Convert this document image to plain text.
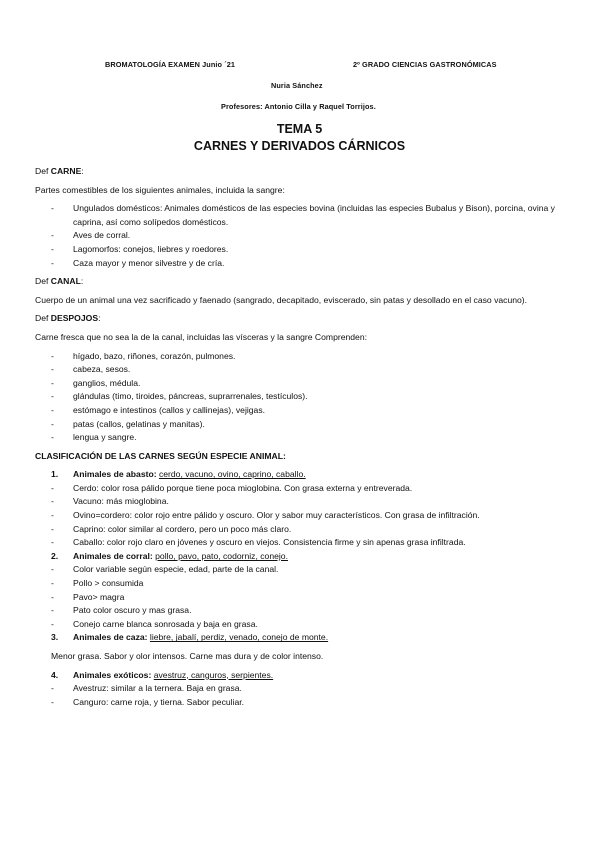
BROMATOLOGÍA EXAMEN Junio ´21	2º GRADO CIENCIAS GASTRONÓMICAS
Nuria Sánchez
Profesores: Antonio Cilla y Raquel Torrijos.
TEMA 5
CARNES Y DERIVADOS CÁRNICOS

Def CARNE:

Partes comestibles de los siguientes animales, incluida la sangre:

- Ungulados domésticos: Animales domésticos de las especies bovina (incluidas las especies Bubalus y Bison), porcina, ovina y caprina, así como solípedos domésticos.
- Aves de corral.
- Lagomorfos: conejos, liebres y roedores.
- Caza mayor y menor silvestre y de cría.

Def CANAL:

Cuerpo de un animal una vez sacrificado y faenado (sangrado, decapitado, eviscerado, sin patas y desollado en el caso vacuno).

Def DESPOJOS:

Carne fresca que no sea la de la canal, incluidas las vísceras y la sangre Comprenden:

- hígado, bazo, riñones, corazón, pulmones.
- cabeza, sesos.
- ganglios, médula.
- glándulas (timo, tiroides, páncreas, suprarrenales, testículos).
- estómago e intestinos (callos y callinejas), vejigas.
- patas (callos, gelatinas y manitas).
- lengua y sangre.

CLASIFICACIÓN DE LAS CARNES SEGÚN ESPECIE ANIMAL:

1. Animales de abasto: cerdo, vacuno, ovino, caprino, caballo.
- Cerdo: color rosa pálido porque tiene poca mioglobina. Con grasa externa y entreverada.
- Vacuno: más mioglobina.
- Ovino=cordero: color rojo entre pálido y oscuro. Olor y sabor muy característicos. Con grasa de infiltración.
- Caprino: color similar al cordero, pero un poco más claro.
- Caballo: color rojo claro en jóvenes y oscuro en viejos. Consistencia firme y sin apenas grasa infiltrada.
2. Animales de corral: pollo, pavo, pato, codorniz, conejo.
- Color variable según especie, edad, parte de la canal.
- Pollo > consumida
- Pavo> magra
- Pato color oscuro y mas grasa.
- Conejo carne blanca sonrosada y baja en grasa.
3. Animales de caza: liebre, jabalí, perdiz, venado, conejo de monte.

Menor grasa. Sabor y olor intensos. Carne mas dura y de color intenso.

4. Animales exóticos: avestruz, canguros, serpientes.
- Avestruz: similar a la ternera. Baja en grasa.
- Canguro: carne roja, y tierna. Sabor peculiar.
